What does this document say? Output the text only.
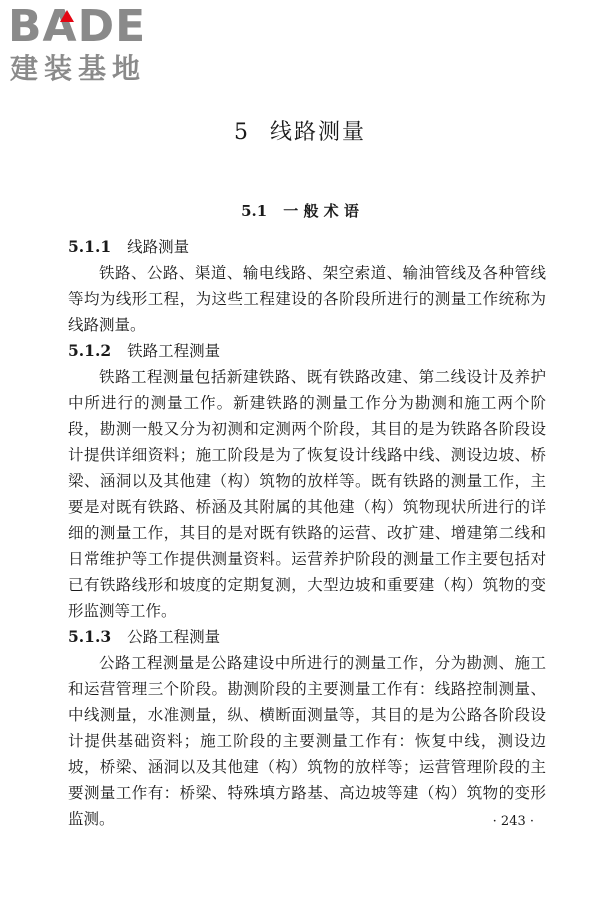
BADE
建装基地
5 线路测量
5.1 一 般 术 语

5.1.1 线路测量

铁路、公路、渠道、输电线路、架空索道、输油管线及各种管线等均为线形工程，为这些工程建设的各阶段所进行的测量工作统称为线路测量。

5.1.2 铁路工程测量

铁路工程测量包括新建铁路、既有铁路改建、第二线设计及养护中所进行的测量工作。新建铁路的测量工作分为勘测和施工两个阶段，勘测一般又分为初测和定测两个阶段，其目的是为铁路各阶段设计提供详细资料；施工阶段是为了恢复设计线路中线、测设边坡、桥梁、涵洞以及其他建（构）筑物的放样等。既有铁路的测量工作，主要是对既有铁路、桥涵及其附属的其他建（构）筑物现状所进行的详细的测量工作，其目的是对既有铁路的运营、改扩建、增建第二线和日常维护等工作提供测量资料。运营养护阶段的测量工作主要包括对已有铁路线形和坡度的定期复测，大型边坡和重要建（构）筑物的变形监测等工作。

5.1.3 公路工程测量

公路工程测量是公路建设中所进行的测量工作，分为勘测、施工和运营管理三个阶段。勘测阶段的主要测量工作有：线路控制测量、中线测量，水准测量，纵、横断面测量等，其目的是为公路各阶段设计提供基础资料；施工阶段的主要测量工作有：恢复中线，测设边坡，桥梁、涵洞以及其他建（构）筑物的放样等；运营管理阶段的主要测量工作有：桥梁、特殊填方路基、高边坡等建（构）筑物的变形监测。	· 243 ·
